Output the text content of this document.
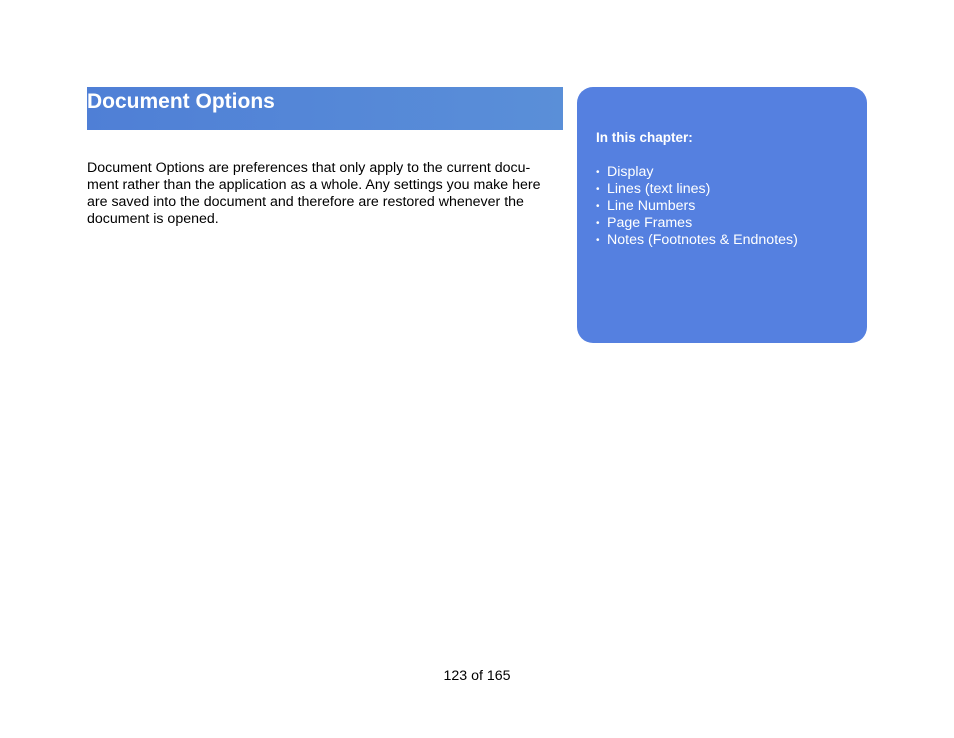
Document Options
Document Options are preferences that only apply to the current docu-
ment rather than the application as a whole. Any settings you make here
are saved into the document and therefore are restored whenever the
document is opened.

In this chapter:

• Display
• Lines (text lines)
• Line Numbers
• Page Frames
• Notes (Footnotes & Endnotes)
123 of 165
